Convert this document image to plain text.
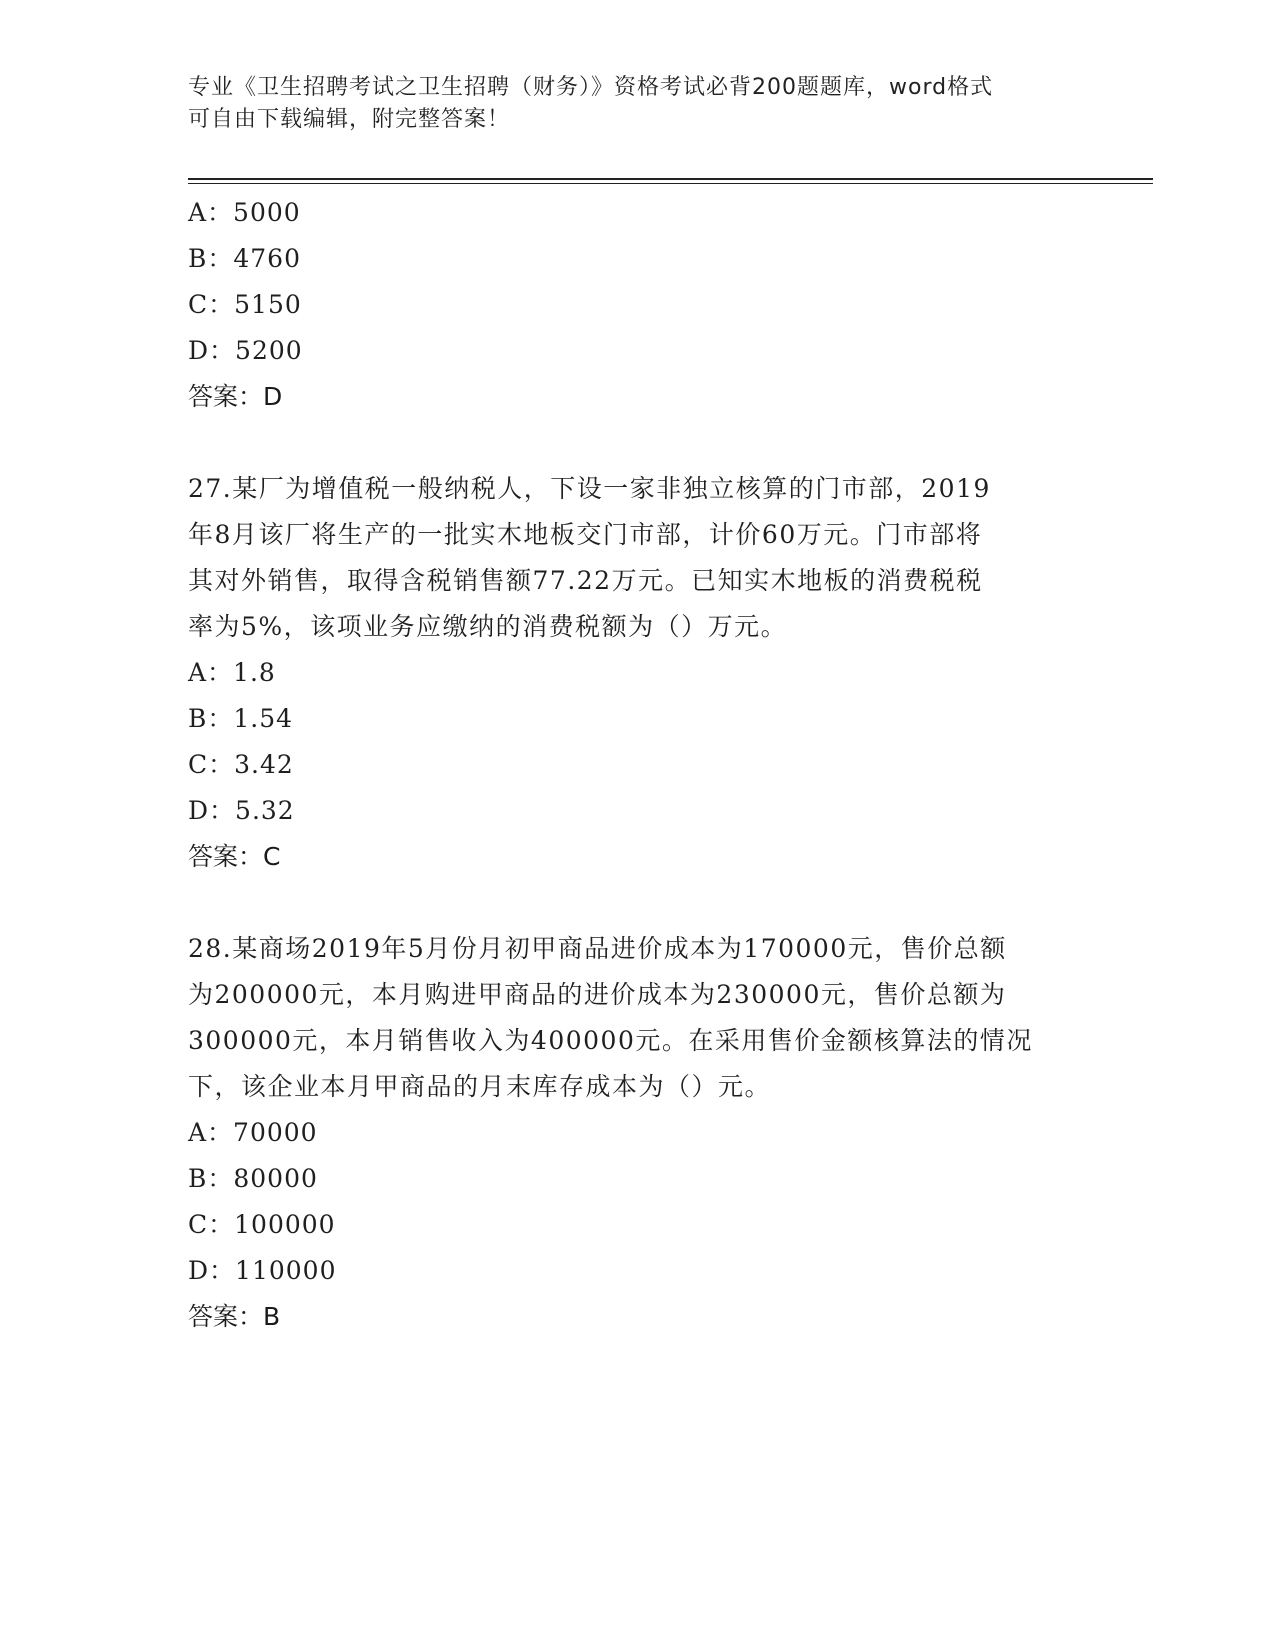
专业《卫生招聘考试之卫生招聘（财务）》资格考试必背200题题库，word格式
可自由下载编辑，附完整答案！
A：5000
B：4760
C：5150
D：5200
答案：D
27.某厂为增值税一般纳税人，下设一家非独立核算的门市部，2019
年8月该厂将生产的一批实木地板交门市部，计价60万元。门市部将
其对外销售，取得含税销售额77.22万元。已知实木地板的消费税税
率为5%，该项业务应缴纳的消费税额为（）万元。
A：1.8
B：1.54
C：3.42
D：5.32
答案：C
28.某商场2019年5月份月初甲商品进价成本为170000元，售价总额
为200000元，本月购进甲商品的进价成本为230000元，售价总额为
300000元，本月销售收入为400000元。在采用售价金额核算法的情况
下，该企业本月甲商品的月末库存成本为（）元。
A：70000
B：80000
C：100000
D：110000
答案：B
